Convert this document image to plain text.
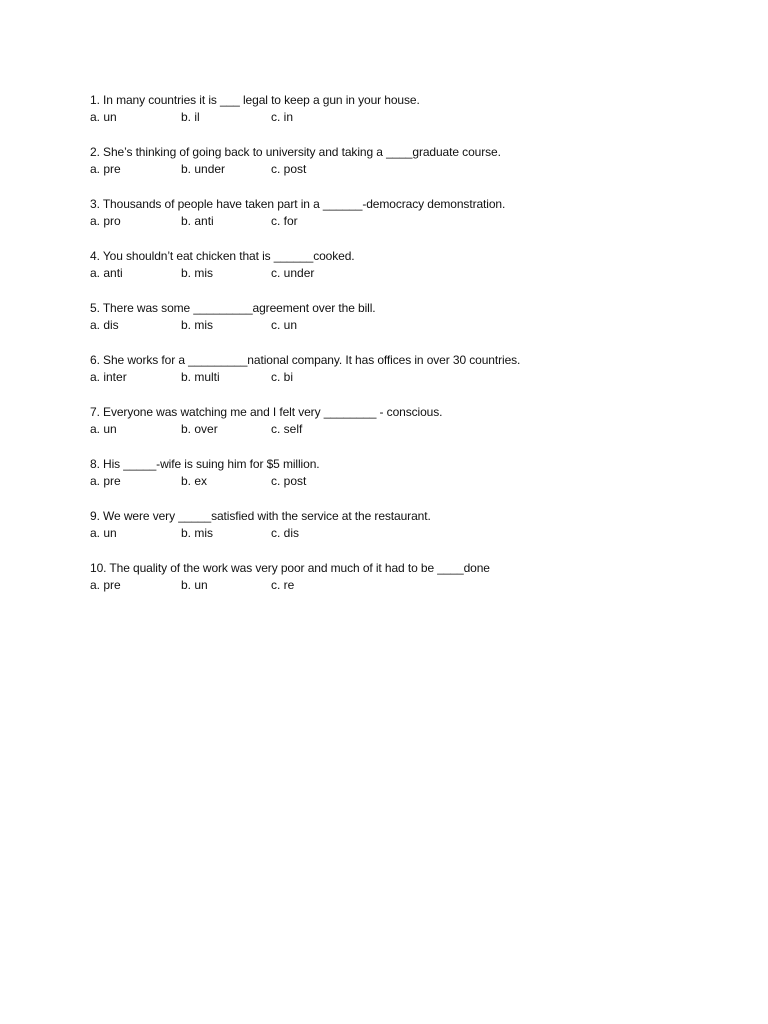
1. In many countries it is ___ legal to keep a gun in your house.
a. un	b. il	c. in
2. She’s thinking of going back to university and taking a ____graduate course.
a. pre	b. under	c. post
3. Thousands of people have taken part in a ______-democracy demonstration.
a. pro	b. anti	c. for
4. You shouldn’t eat chicken that is ______cooked.
a. anti	b. mis	c. under
5. There was some _________agreement over the bill.
a. dis	b. mis	c. un
6. She works for a _________national company. It has offices in over 30 countries.
a. inter	b. multi	c. bi
7. Everyone was watching me and I felt very ________ - conscious.
a. un	b. over	c. self
8. His _____-wife is suing him for $5 million.
a. pre	b. ex	c. post
9. We were very _____satisfied with the service at the restaurant.
a. un	b. mis	c. dis
10. The quality of the work was very poor and much of it had to be ____done
a. pre	b. un	c. re
